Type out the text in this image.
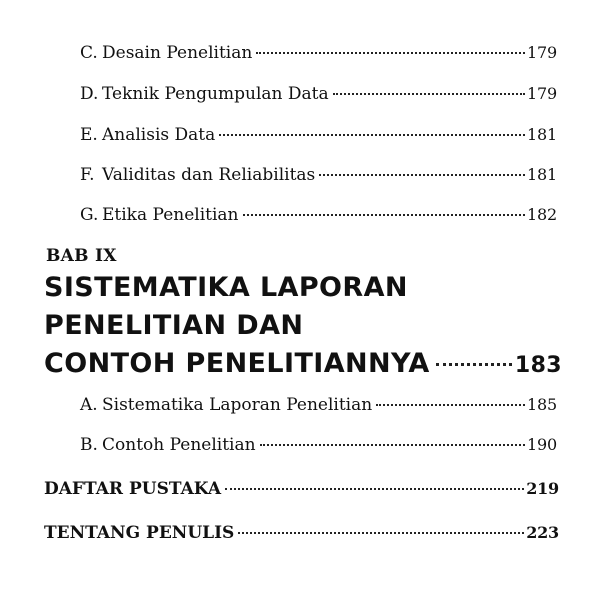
C. Desain Penelitian	179
D. Teknik Pengumpulan Data	179
E. Analisis Data	181
F. Validitas dan Reliabilitas	181
G. Etika Penelitian	182
BAB IX
SISTEMATIKA LAPORAN
PENELITIAN DAN
CONTOH PENELITIANNYA	183
A. Sistematika Laporan Penelitian	185
B. Contoh Penelitian	190
DAFTAR PUSTAKA	219
TENTANG PENULIS	223
